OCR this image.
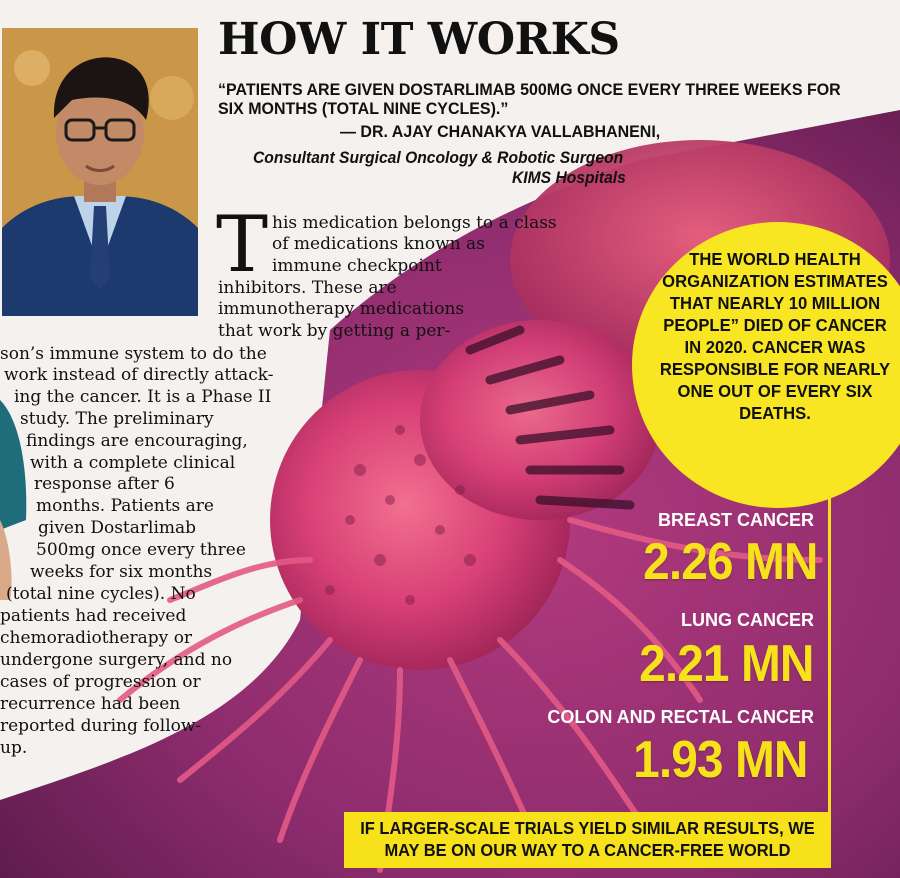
HOW IT WORKS

“PATIENTS ARE GIVEN DOSTARLIMAB 500MG ONCE EVERY THREE WEEKS FOR SIX MONTHS (TOTAL NINE CYCLES).”

— DR. AJAY CHANAKYA VALLABHANENI,
Consultant Surgical Oncology & Robotic Surgeon
KIMS Hospitals
T his medication belongs to a class
of medications known as
immune checkpoint
inhibitors. These are
immunotherapy medications
that work by getting a per-
son’s immune system to do the
work instead of directly attack-
ing the cancer. It is a Phase II
study. The preliminary
findings are encouraging,
with a complete clinical
response after 6
months. Patients are
given Dostarlimab
500mg once every three
weeks for six months
(total nine cycles). No
patients had received
chemoradiotherapy or
undergone surgery, and no
cases of progression or
recurrence had been
reported during follow-
up.
THE WORLD HEALTH ORGANIZATION ESTIMATES THAT NEARLY 10 MILLION PEOPLE” DIED OF CANCER IN 2020. CANCER WAS RESPONSIBLE FOR NEARLY ONE OUT OF EVERY SIX DEATHS.
BREAST CANCER
2.26 MN
LUNG CANCER
2.21 MN
COLON AND RECTAL CANCER
1.93 MN
IF LARGER-SCALE TRIALS YIELD SIMILAR RESULTS, WE MAY BE ON OUR WAY TO A CANCER-FREE WORLD
